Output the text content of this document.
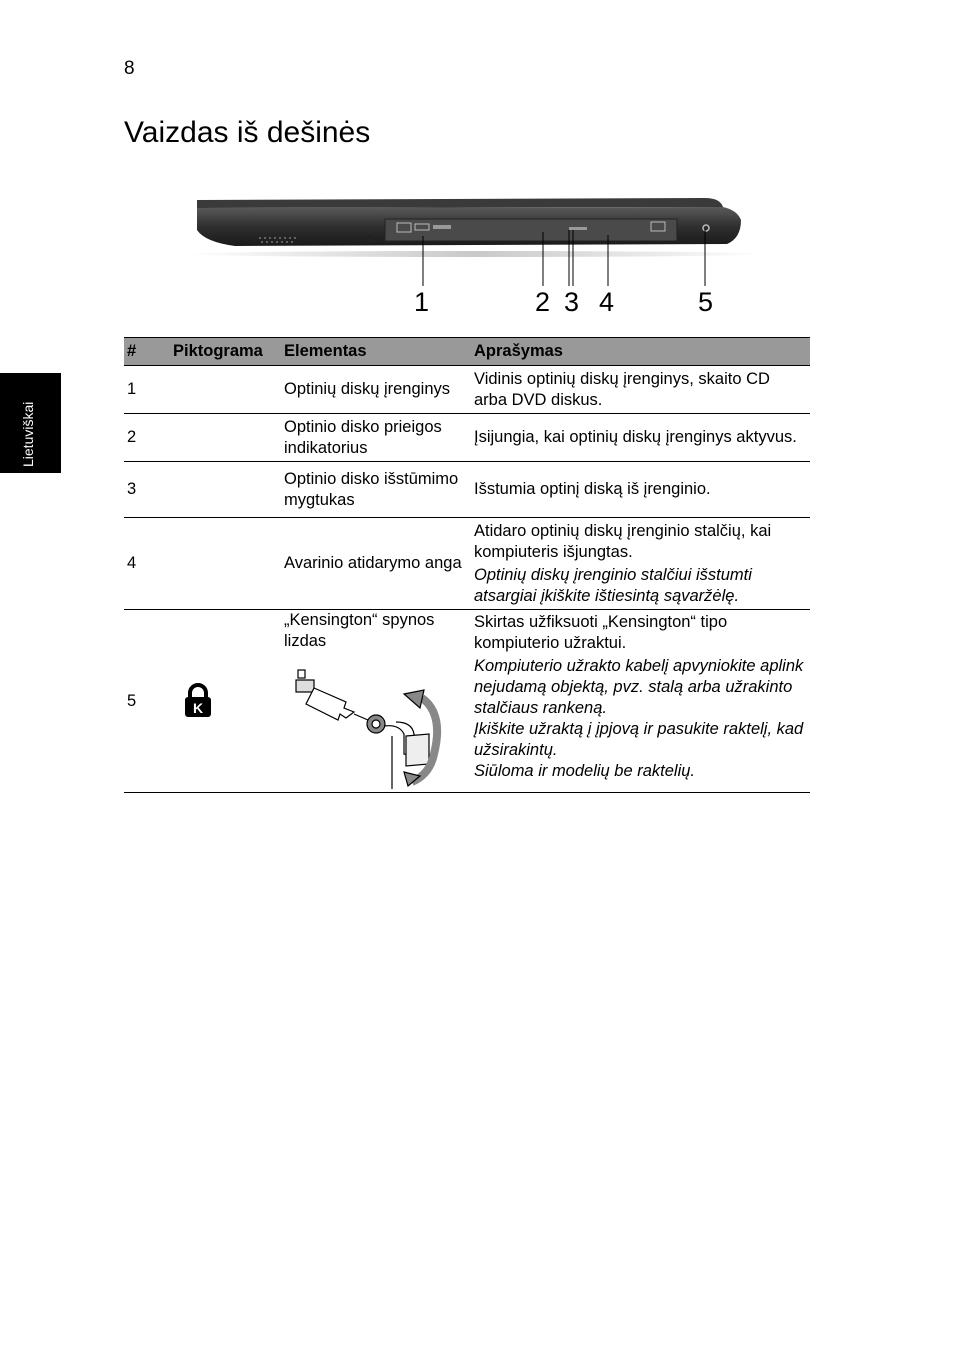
8
Vaizdas iš dešinės
Lietuviškai
1	2 3 4	5
#	Piktograma	Elementas	Aprašymas
1		Optinių diskų įrenginys	Vidinis optinių diskų įrenginys, skaito CD arba DVD diskus.

2		Optinio disko prieigos indikatorius	Įsijungia, kai optinių diskų įrenginys aktyvus.

3		Optinio disko išstūmimo mygtukas	Išstumia optinį diską iš įrenginio.

4		Avarinio atidarymo anga	Atidaro optinių diskų įrenginio stalčių, kai kompiuteris išjungtas.

Optinių diskų įrenginio stalčiui išstumti atsargiai įkiškite ištiesintą sąvaržėlę.

5	K	„Kensington“ spynos lizdas	Skirtas užfiksuoti „Kensington“ tipo kompiuterio užraktui.

Kompiuterio užrakto kabelį apvyniokite aplink nejudamą objektą, pvz. stalą arba užrakinto stalčiaus rankeną.

Įkiškite užraktą į įpjovą ir pasukite raktelį, kad užsirakintų.

Siūloma ir modelių be raktelių.
